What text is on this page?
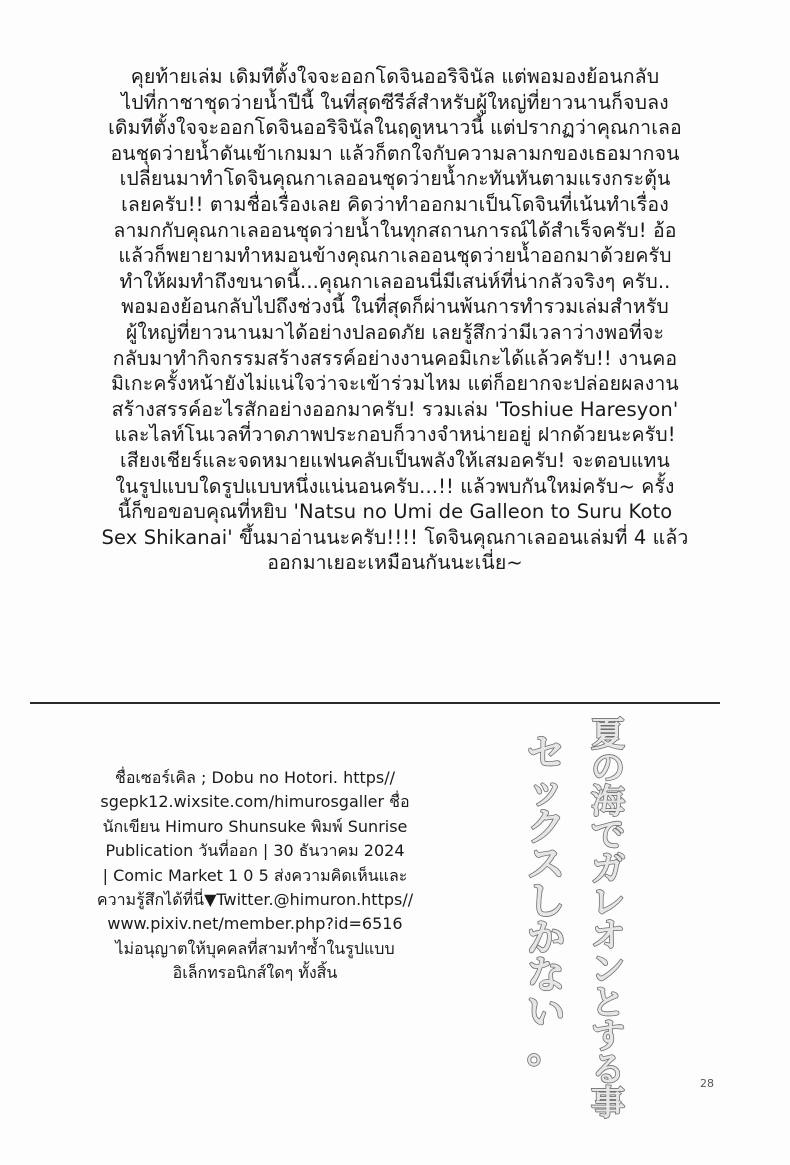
คุยท้ายเล่ม เดิมทีตั้งใจจะออกโดจินออริจินัล แต่พอมองย้อนกลับ
ไปที่กาชาชุดว่ายน้ำปีนี้ ในที่สุดซีรีส์สำหรับผู้ใหญ่ที่ยาวนานก็จบลง
เดิมทีตั้งใจจะออกโดจินออริจินัลในฤดูหนาวนี้ แต่ปรากฏว่าคุณกาเลอ
อนชุดว่ายน้ำดันเข้าเกมมา แล้วก็ตกใจกับความลามกของเธอมากจน
เปลี่ยนมาทำโดจินคุณกาเลออนชุดว่ายน้ำกะทันหันตามแรงกระตุ้น
เลยครับ!! ตามชื่อเรื่องเลย คิดว่าทำออกมาเป็นโดจินที่เน้นทำเรื่อง
ลามกกับคุณกาเลออนชุดว่ายน้ำในทุกสถานการณ์ได้สำเร็จครับ! อ้อ
แล้วก็พยายามทำหมอนข้างคุณกาเลออนชุดว่ายน้ำออกมาด้วยครับ
ทำให้ผมทำถึงขนาดนี้...คุณกาเลออนนี่มีเสน่ห์ที่น่ากลัวจริงๆ ครับ..
พอมองย้อนกลับไปถึงช่วงนี้ ในที่สุดก็ผ่านพ้นการทำรวมเล่มสำหรับ
ผู้ใหญ่ที่ยาวนานมาได้อย่างปลอดภัย เลยรู้สึกว่ามีเวลาว่างพอที่จะ
กลับมาทำกิจกรรมสร้างสรรค์อย่างงานคอมิเกะได้แล้วครับ!! งานคอ
มิเกะครั้งหน้ายังไม่แน่ใจว่าจะเข้าร่วมไหม แต่ก็อยากจะปล่อยผลงาน
สร้างสรรค์อะไรสักอย่างออกมาครับ! รวมเล่ม 'Toshiue Haresyon'
และไลท์โนเวลที่วาดภาพประกอบก็วางจำหน่ายอยู่ ฝากด้วยนะครับ!
เสียงเชียร์และจดหมายแฟนคลับเป็นพลังให้เสมอครับ! จะตอบแทน
ในรูปแบบใดรูปแบบหนึ่งแน่นอนครับ...!! แล้วพบกันใหม่ครับ~ ครั้ง
นี้ก็ขอขอบคุณที่หยิบ 'Natsu no Umi de Galleon to Suru Koto
Sex Shikanai' ขึ้นมาอ่านนะครับ!!!! โดจินคุณกาเลออนเล่มที่ 4 แล้ว
ออกมาเยอะเหมือนกันนะเนี่ย~
ชื่อเซอร์เคิล ; Dobu no Hotori. https//
sgepk12.wixsite.com/himurosgaller ชื่อ
นักเขียน Himuro Shunsuke พิมพ์ Sunrise
Publication วันที่ออก | 30 ธันวาคม 2024
| Comic Market 1 0 5 ส่งความคิดเห็นและ
ความรู้สึกได้ที่นี่▼Twitter.@himuron.https//
www.pixiv.net/member.php?id=6516
ไม่อนุญาตให้บุคคลที่สามทำซ้ำในรูปแบบ
อิเล็กทรอนิกส์ใดๆ ทั้งสิ้น
夏
の
海
で
ガ
レ
オ
ン
と
す
る
事
セ
ッ
ク
ス
し
か
な
い
。
28
